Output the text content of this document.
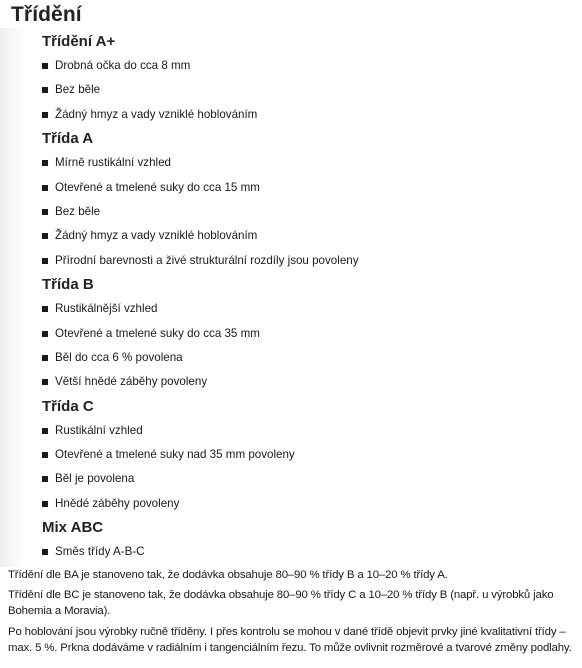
Třídění
Třídění A+
Drobná očka do cca 8 mm
Bez běle
Žádný hmyz a vady vzniklé hoblováním
Třída A
Mírně rustikální vzhled
Otevřené a tmelené suky do cca 15 mm
Bez běle
Žádný hmyz a vady vzniklé hoblováním
Přírodní barevnosti a živé strukturální rozdíly jsou povoleny
Třída B
Rustikálnější vzhled
Otevřené a tmelené suky do cca 35 mm
Běl do cca 6 % povolena
Větší hnědé záběhy povoleny
Třída C
Rustikální vzhled
Otevřené a tmelené suky nad 35 mm povoleny
Běl je povolena
Hnědé záběhy povoleny
Mix ABC
Směs třídy A-B-C

Třídění dle BA je stanoveno tak, že dodávka obsahuje 80–90 % třídy B a 10–20 % třídy A.

Třídění dle BC je stanoveno tak, že dodávka obsahuje 80–90 % třídy C a 10–20 % třídy B (např. u výrobků jako Bohemia a Moravia).

Po hoblování jsou výrobky ručně tříděny. I přes kontrolu se mohou v dané třídě objevit prvky jiné kvalitativní třídy – max. 5 %. Prkna dodáváme v radiálním i tangenciálním řezu. To může ovlivnit rozměrové a tvarové změny podlahy.
